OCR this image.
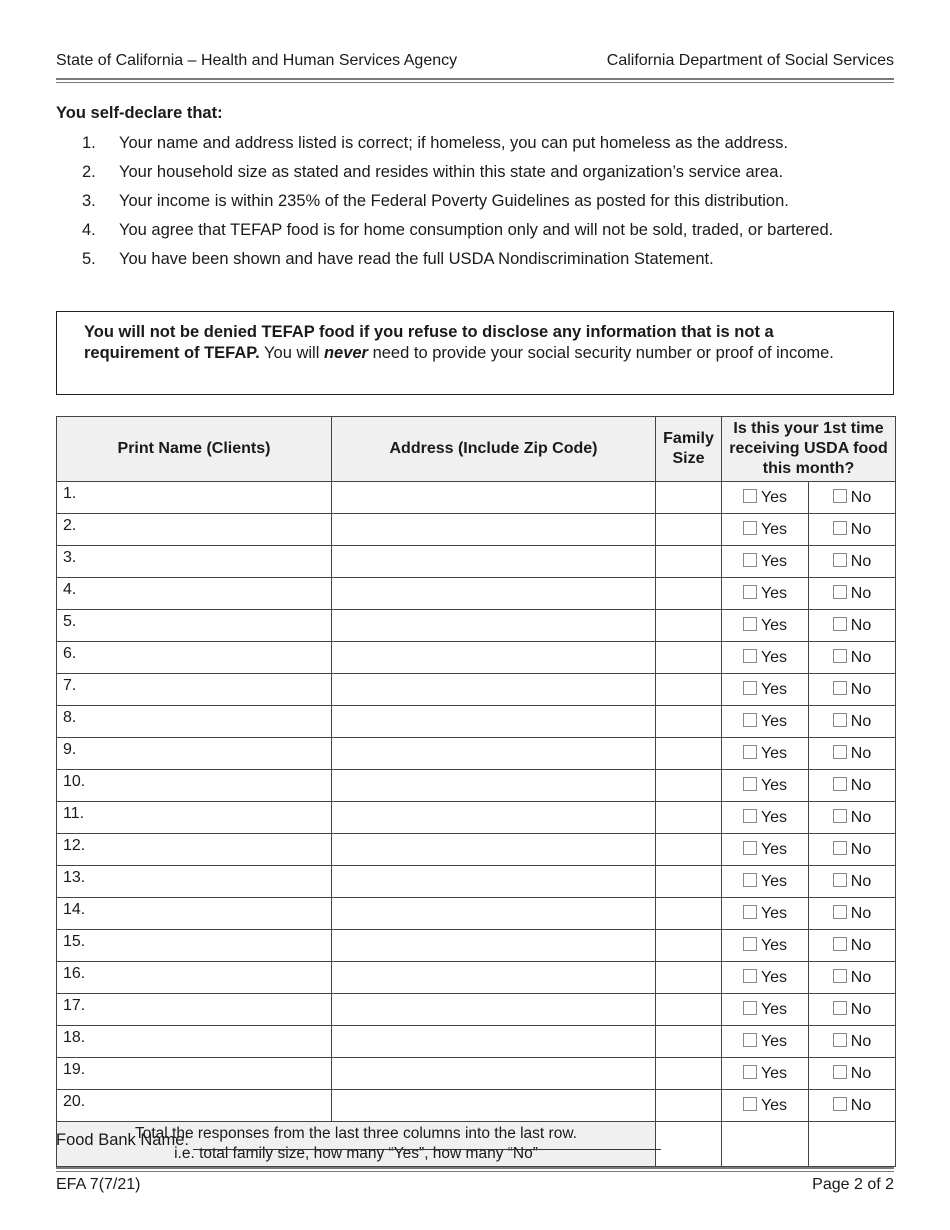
State of California – Health and Human Services Agency	California Department of Social Services
You self-declare that:
1.	Your name and address listed is correct; if homeless, you can put homeless as the address.
2.	Your household size as stated and resides within this state and organization’s service area.
3.	Your income is within 235% of the Federal Poverty Guidelines as posted for this distribution.
4.	You agree that TEFAP food is for home consumption only and will not be sold, traded, or bartered.
5.	You have been shown and have read the full USDA Nondiscrimination Statement.
You will not be denied TEFAP food if you refuse to disclose any information that is not a requirement of TEFAP. You will never need to provide your social security number or proof of income.
Print Name (Clients)	Address (Include Zip Code)	Family Size	Is this your 1st time receiving USDA food this month?	
1.			Yes	No
2.			Yes	No
3.			Yes	No
4.			Yes	No
5.			Yes	No
6.			Yes	No
7.			Yes	No
8.			Yes	No
9.			Yes	No
10.			Yes	No
11.			Yes	No
12.			Yes	No
13.			Yes	No
14.			Yes	No
15.			Yes	No
16.			Yes	No
17.			Yes	No
18.			Yes	No
19.			Yes	No
20.			Yes	No

Total the responses from the last three columns into the last row.
i.e. total family size, how many “Yes”, how many “No”				

Food Bank Name:
EFA 7(7/21)	Page 2 of 2
